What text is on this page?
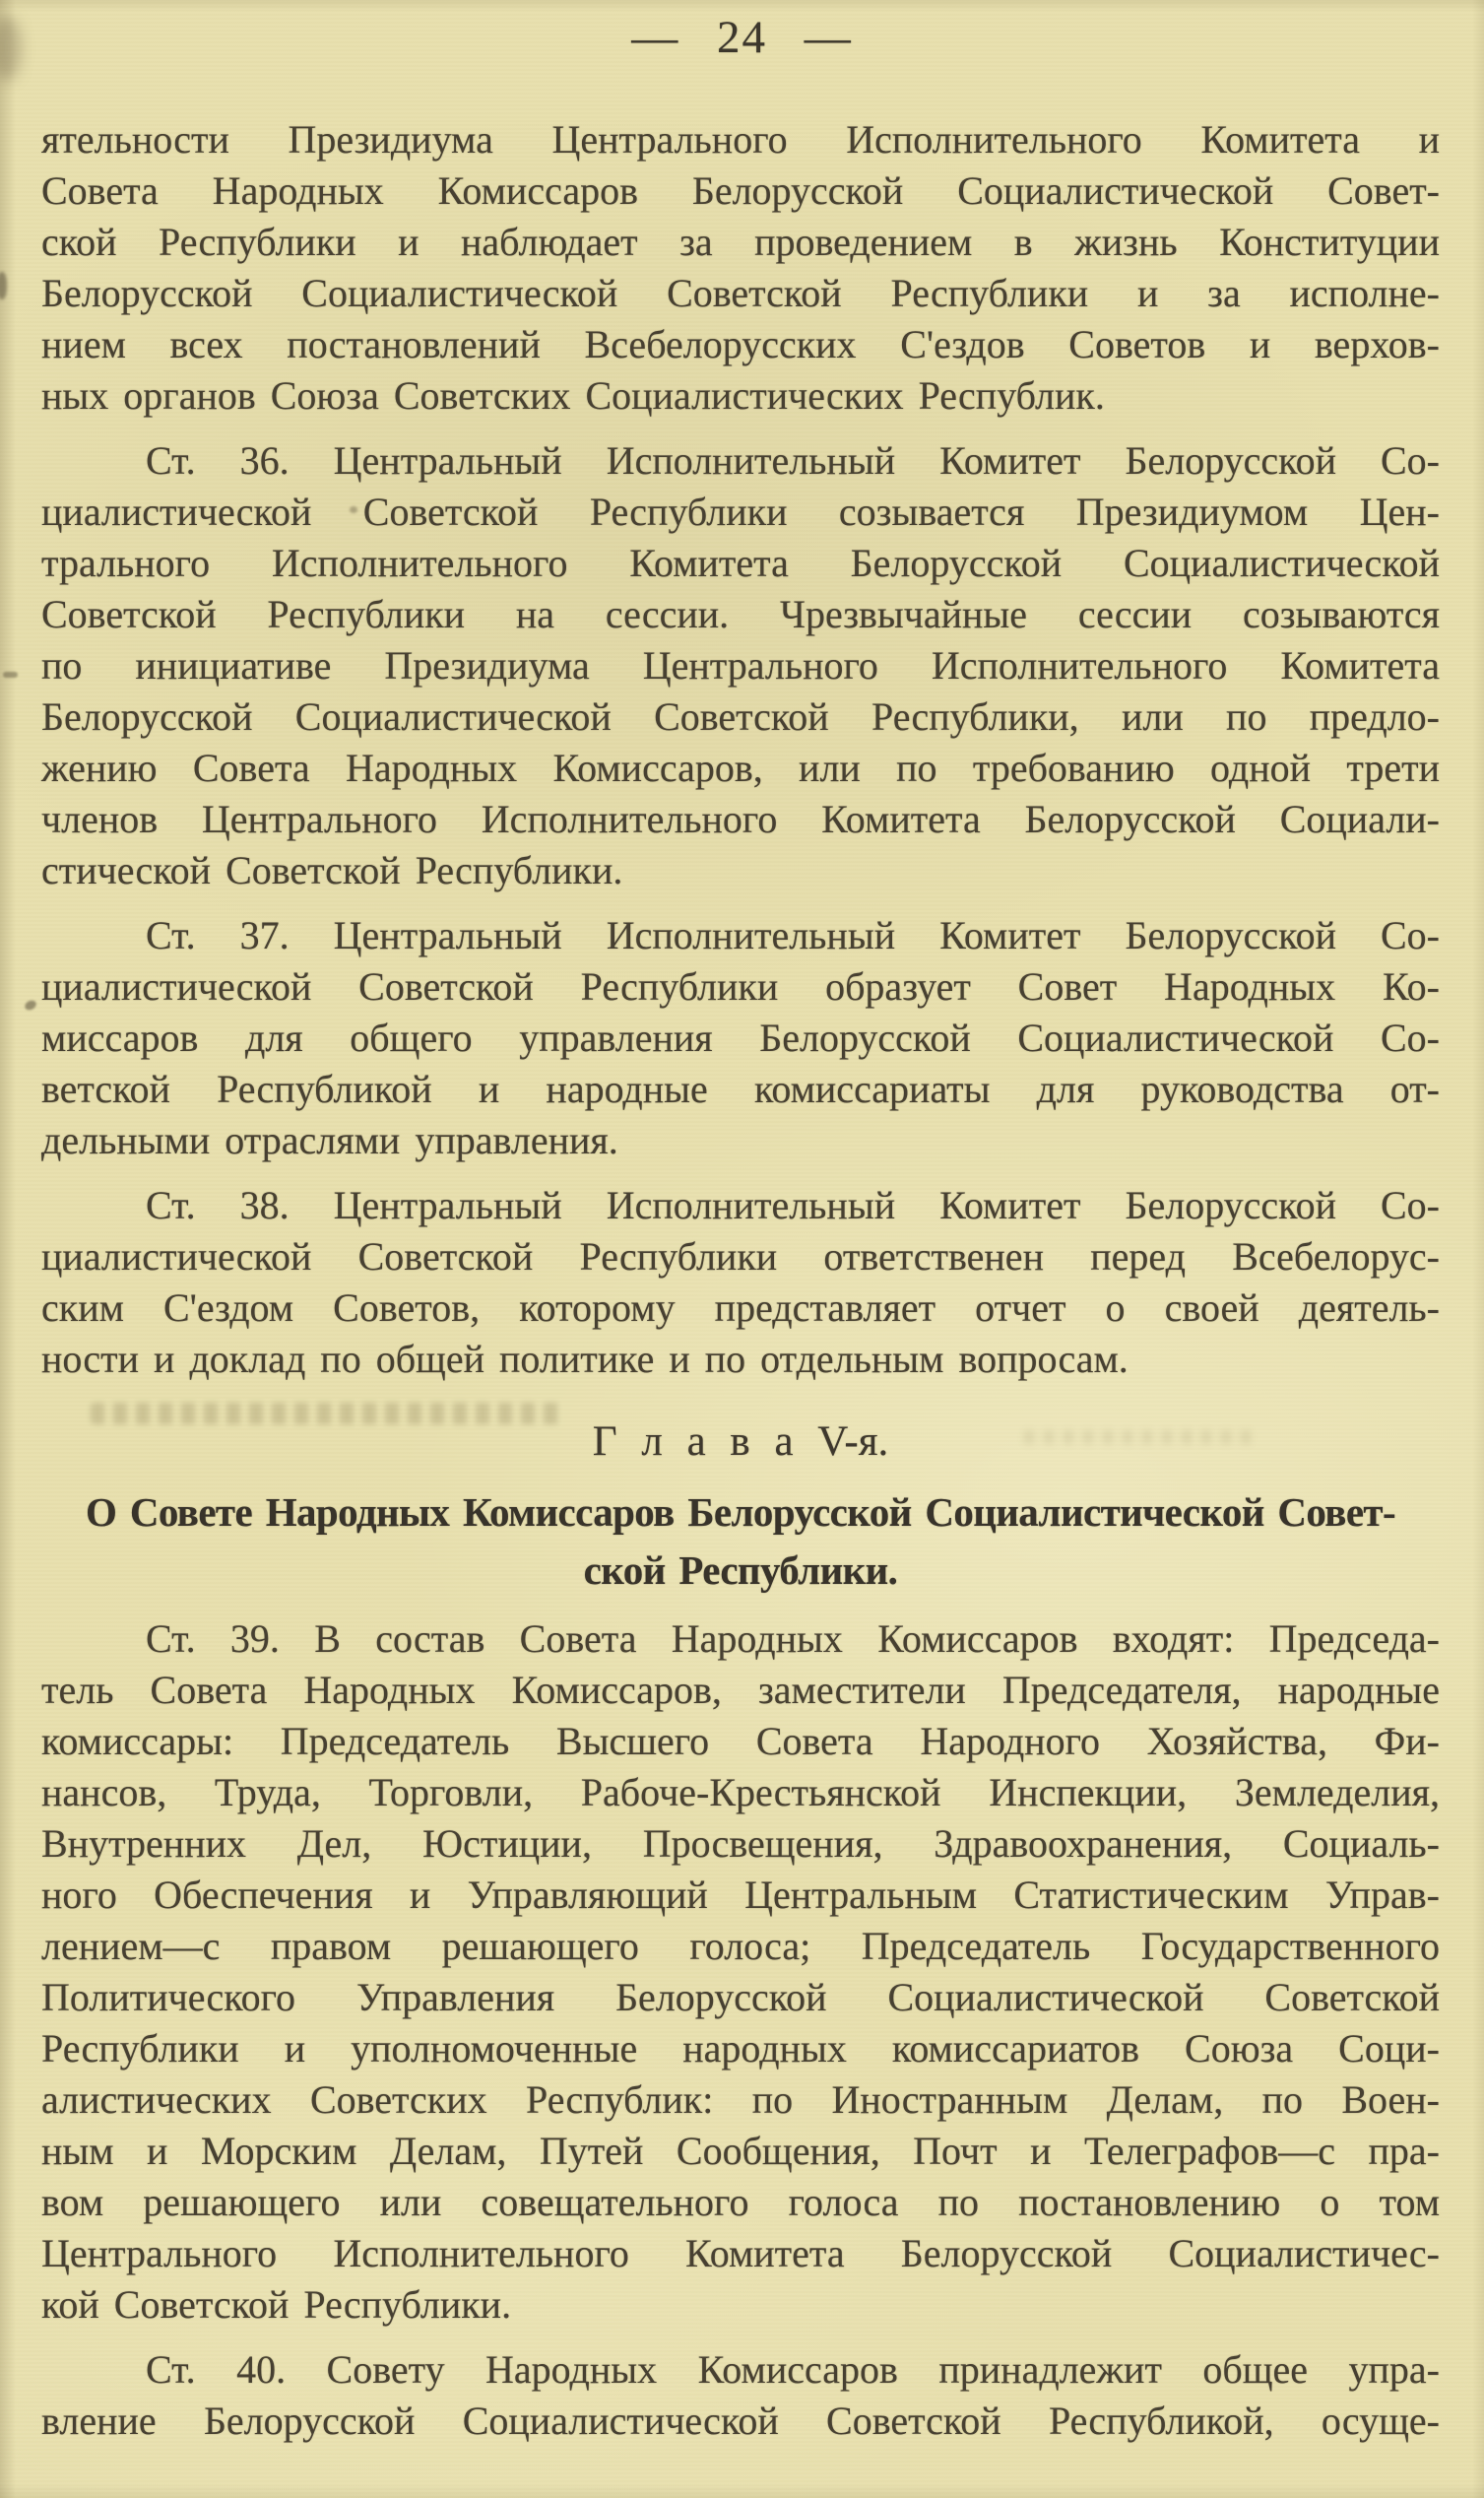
— 24 —

ятельности Президиума Центрального Исполнительного Комитета и
Совета Народных Комиссаров Белорусской Социалистической Совет-
ской Республики и наблюдает за проведением в жизнь Конституции
Белорусской Социалистической Советской Республики и за исполне-
нием всех постановлений Всебелорусских С'ездов Советов и верхов-
ных органов Союза Советских Социалистических Республик.

Ст. 36. Центральный Исполнительный Комитет Белорусской Со-
циалистической Советской Республики созывается Президиумом Цен-
трального Исполнительного Комитета Белорусской Социалистической
Советской Республики на сессии. Чрезвычайные сессии созываются
по инициативе Президиума Центрального Исполнительного Комитета
Белорусской Социалистической Советской Республики, или по предло-
жению Совета Народных Комиссаров, или по требованию одной трети
членов Центрального Исполнительного Комитета Белорусской Социали-
стической Советской Республики.

Ст. 37. Центральный Исполнительный Комитет Белорусской Со-
циалистической Советской Республики образует Совет Народных Ко-
миссаров для общего управления Белорусской Социалистической Со-
ветской Республикой и народные комиссариаты для руководства от-
дельными отраслями управления.

Ст. 38. Центральный Исполнительный Комитет Белорусской Со-
циалистической Советской Республики ответственен перед Всебелорус-
ским С'ездом Советов, которому представляет отчет о своей деятель-
ности и доклад по общей политике и по отдельным вопросам.

Г л а в а V-я.
О Совете Народных Комиссаров Белорусской Социалистической Совет-
ской Республики.

Ст. 39. В состав Совета Народных Комиссаров входят: Председа-
тель Совета Народных Комиссаров, заместители Председателя, народные
комиссары: Председатель Высшего Совета Народного Хозяйства, Фи-
нансов, Труда, Торговли, Рабоче-Крестьянской Инспекции, Земледелия,
Внутренних Дел, Юстиции, Просвещения, Здравоохранения, Социаль-
ного Обеспечения и Управляющий Центральным Статистическим Управ-
лением—с правом решающего голоса; Председатель Государственного
Политического Управления Белорусской Социалистической Советской
Республики и уполномоченные народных комиссариатов Союза Соци-
алистических Советских Республик: по Иностранным Делам, по Воен-
ным и Морским Делам, Путей Сообщения, Почт и Телеграфов—с пра-
вом решающего или совещательного голоса по постановлению о том
Центрального Исполнительного Комитета Белорусской Социалистичес-
кой Советской Республики.

Ст. 40. Совету Народных Комиссаров принадлежит общее упра-
вление Белорусской Социалистической Советской Республикой, осуще-
